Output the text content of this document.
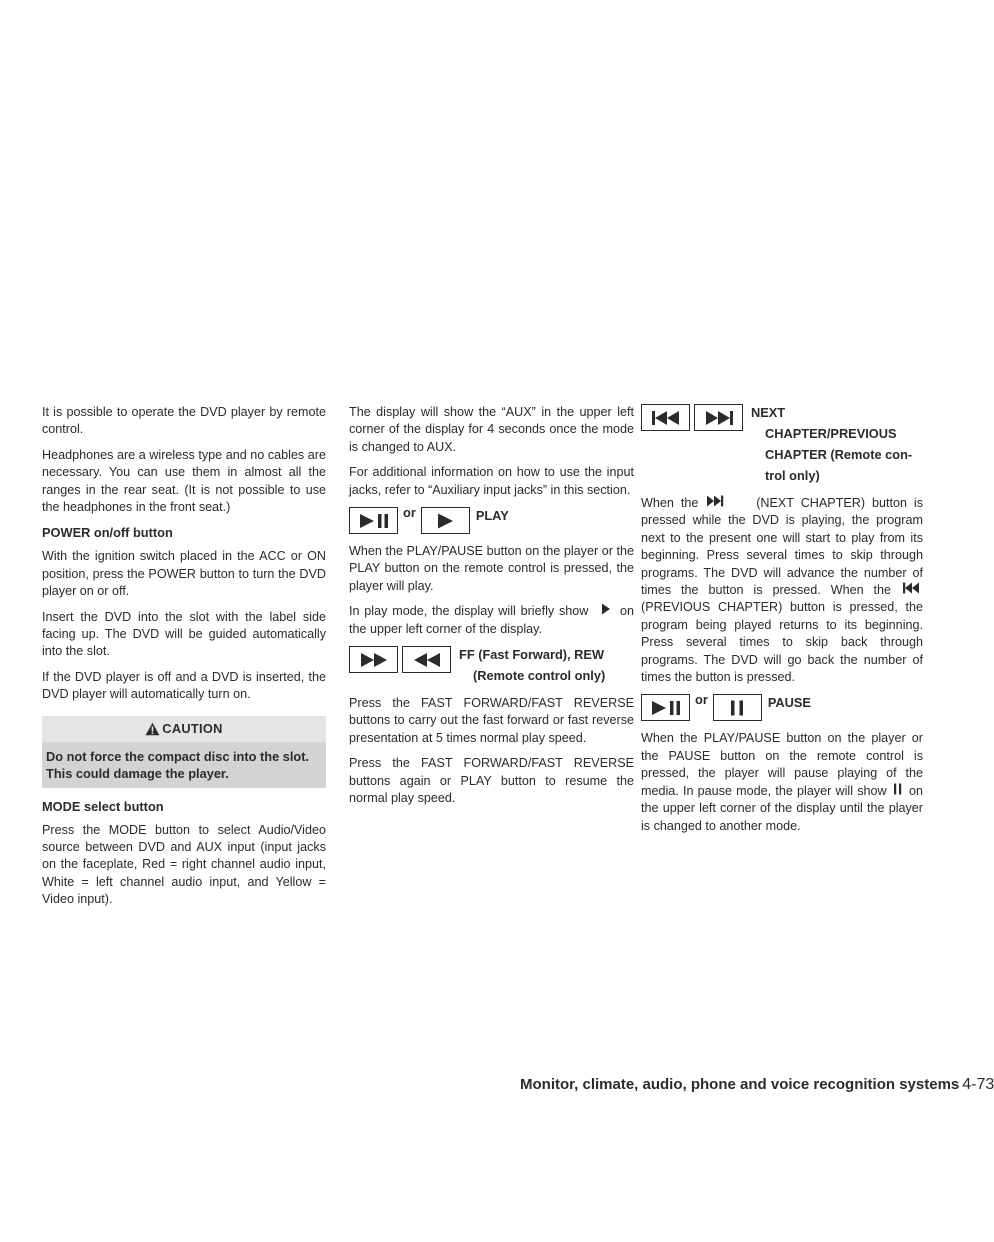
It is possible to operate the DVD player by remote control.

Headphones are a wireless type and no cables are necessary. You can use them in almost all the ranges in the rear seat. (It is not possible to use the headphones in the front seat.)

POWER on/off button

With the ignition switch placed in the ACC or ON position, press the POWER button to turn the DVD player on or off.

Insert the DVD into the slot with the label side facing up. The DVD will be guided automatically into the slot.

If the DVD player is off and a DVD is inserted, the DVD player will automatically turn on.

CAUTION
Do not force the compact disc into the slot. This could damage the player.
MODE select button

Press the MODE button to select Audio/Video source between DVD and AUX input (input jacks on the faceplate, Red = right channel audio input, White = left channel audio input, and Yellow = Video input).

The display will show the “AUX” in the upper left corner of the display for 4 seconds once the mode is changed to AUX.

For additional information on how to use the input jacks, refer to “Auxiliary input jacks” in this section.

or	PLAY

When the PLAY/PAUSE button on the player or the PLAY button on the remote control is pressed, the player will play.

In play mode, the display will briefly show	on the upper left corner of the display.

FF (Fast Forward), REW
(Remote control only)

Press the FAST FORWARD/FAST REVERSE buttons to carry out the fast forward or fast reverse presentation at 5 times normal play speed.

Press the FAST FORWARD/FAST REVERSE buttons again or PLAY button to resume the normal play speed.

NEXT
CHAPTER/PREVIOUS
CHAPTER (Remote con-
trol only)

When the	(NEXT CHAPTER) button is pressed while the DVD is playing, the program next to the present one will start to play from its beginning. Press several times to skip through programs. The DVD will advance the number of times the button is pressed. When the  (PREVIOUS CHAPTER) button is pressed, the program being played returns to its beginning. Press several times to skip back through programs. The DVD will go back the number of times the button is pressed.

or	PAUSE

When the PLAY/PAUSE button on the player or the PAUSE button on the remote control is pressed, the player will pause playing of the media. In pause mode, the player will show on the upper left corner of the display until the player is changed to another mode.

Monitor, climate, audio, phone and voice recognition systems 4-73
